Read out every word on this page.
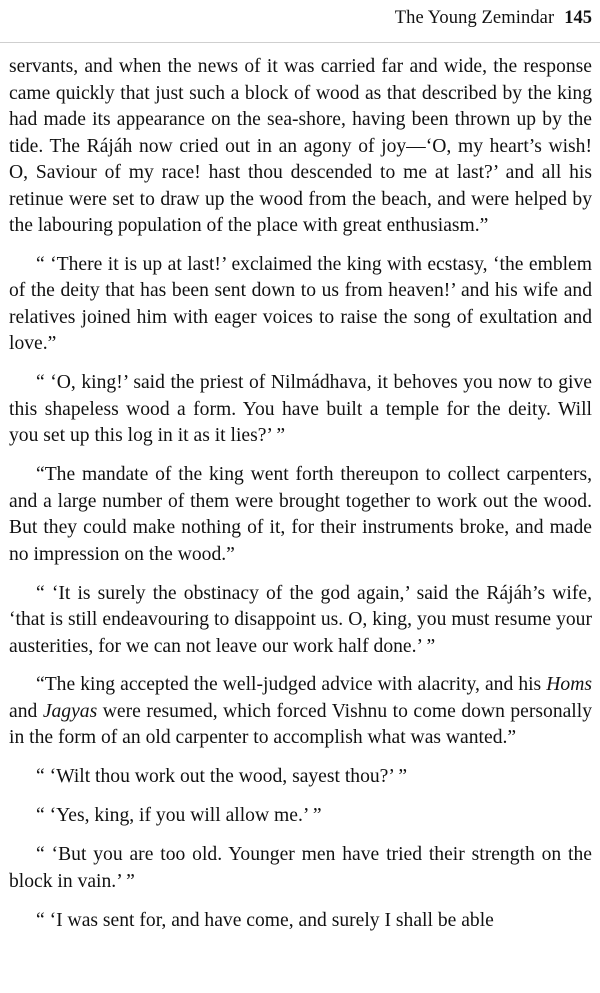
The Young Zemindar 145

servants, and when the news of it was carried far and wide, the response came quickly that just such a block of wood as that described by the king had made its appearance on the sea-shore, having been thrown up by the tide. The Rájáh now cried out in an agony of joy—‘O, my heart’s wish! O, Saviour of my race! hast thou descended to me at last?’ and all his retinue were set to draw up the wood from the beach, and were helped by the labouring population of the place with great enthusiasm.”

“ ‘There it is up at last!’ exclaimed the king with ecstasy, ‘the emblem of the deity that has been sent down to us from heaven!’ and his wife and relatives joined him with eager voices to raise the song of exultation and love.”

“ ‘O, king!’ said the priest of Nilmádhava, it behoves you now to give this shapeless wood a form. You have built a temple for the deity. Will you set up this log in it as it lies?’ ”

“The mandate of the king went forth thereupon to collect carpenters, and a large number of them were brought together to work out the wood. But they could make nothing of it, for their instruments broke, and made no impression on the wood.”

“ ‘It is surely the obstinacy of the god again,’ said the Rájáh’s wife, ‘that is still endeavouring to disappoint us. O, king, you must resume your austerities, for we can not leave our work half done.’ ”

“The king accepted the well-judged advice with alacrity, and his Homs and Jagyas were resumed, which forced Vishnu to come down personally in the form of an old carpenter to accomplish what was wanted.”

“ ‘Wilt thou work out the wood, sayest thou?’ ”

“ ‘Yes, king, if you will allow me.’ ”

“ ‘But you are too old. Younger men have tried their strength on the block in vain.’ ”

“ ‘I was sent for, and have come, and surely I shall be able
